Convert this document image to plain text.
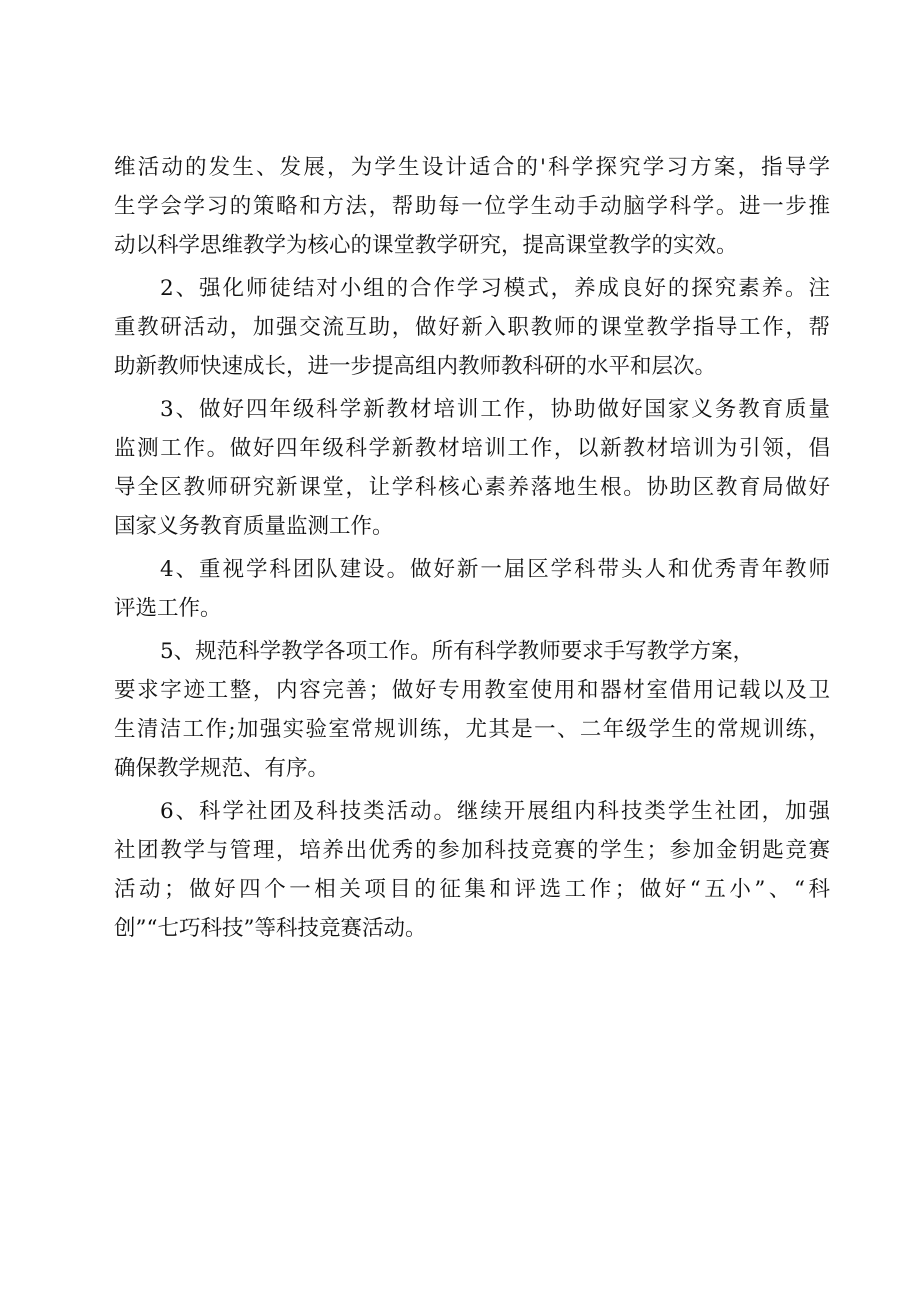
维活动的发生、发展，为学生设计适合的'科学探究学习方案，指导学
生学会学习的策略和方法，帮助每一位学生动手动脑学科学。进一步推
动以科学思维教学为核心的课堂教学研究，提高课堂教学的实效。
2、强化师徒结对小组的合作学习模式，养成良好的探究素养。注
重教研活动，加强交流互助，做好新入职教师的课堂教学指导工作，帮
助新教师快速成长，进一步提高组内教师教科研的水平和层次。
3、做好四年级科学新教材培训工作，协助做好国家义务教育质量
监测工作。做好四年级科学新教材培训工作，以新教材培训为引领，倡
导全区教师研究新课堂，让学科核心素养落地生根。协助区教育局做好
国家义务教育质量监测工作。
4、重视学科团队建设。做好新一届区学科带头人和优秀青年教师
评选工作。
5、规范科学教学各项工作。所有科学教师要求手写教学方案，
要求字迹工整，内容完善；做好专用教室使用和器材室借用记载以及卫
生清洁工作;加强实验室常规训练，尤其是一、二年级学生的常规训练，
确保教学规范、有序。
6、科学社团及科技类活动。继续开展组内科技类学生社团，加强
社团教学与管理，培养出优秀的参加科技竞赛的学生；参加金钥匙竞赛
活动；做好四个一相关项目的征集和评选工作；做好“五小”、“科
创”“七巧科技”等科技竞赛活动。
